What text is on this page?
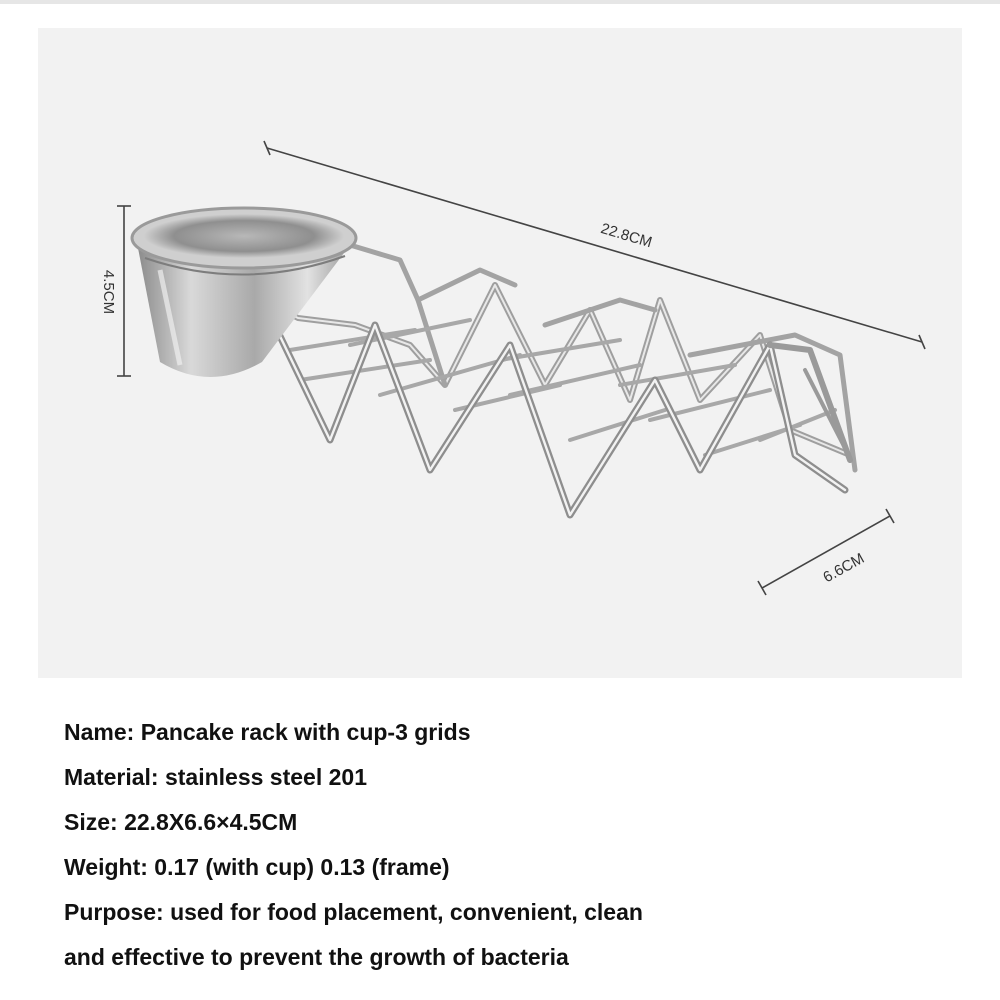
22.8CM
4.5CM
6.6CM
Name: Pancake rack with cup-3 grids
Material: stainless steel 201
Size: 22.8X6.6×4.5CM
Weight: 0.17 (with cup) 0.13 (frame)
Purpose: used for food placement, convenient, clean
and effective to prevent the growth of bacteria
